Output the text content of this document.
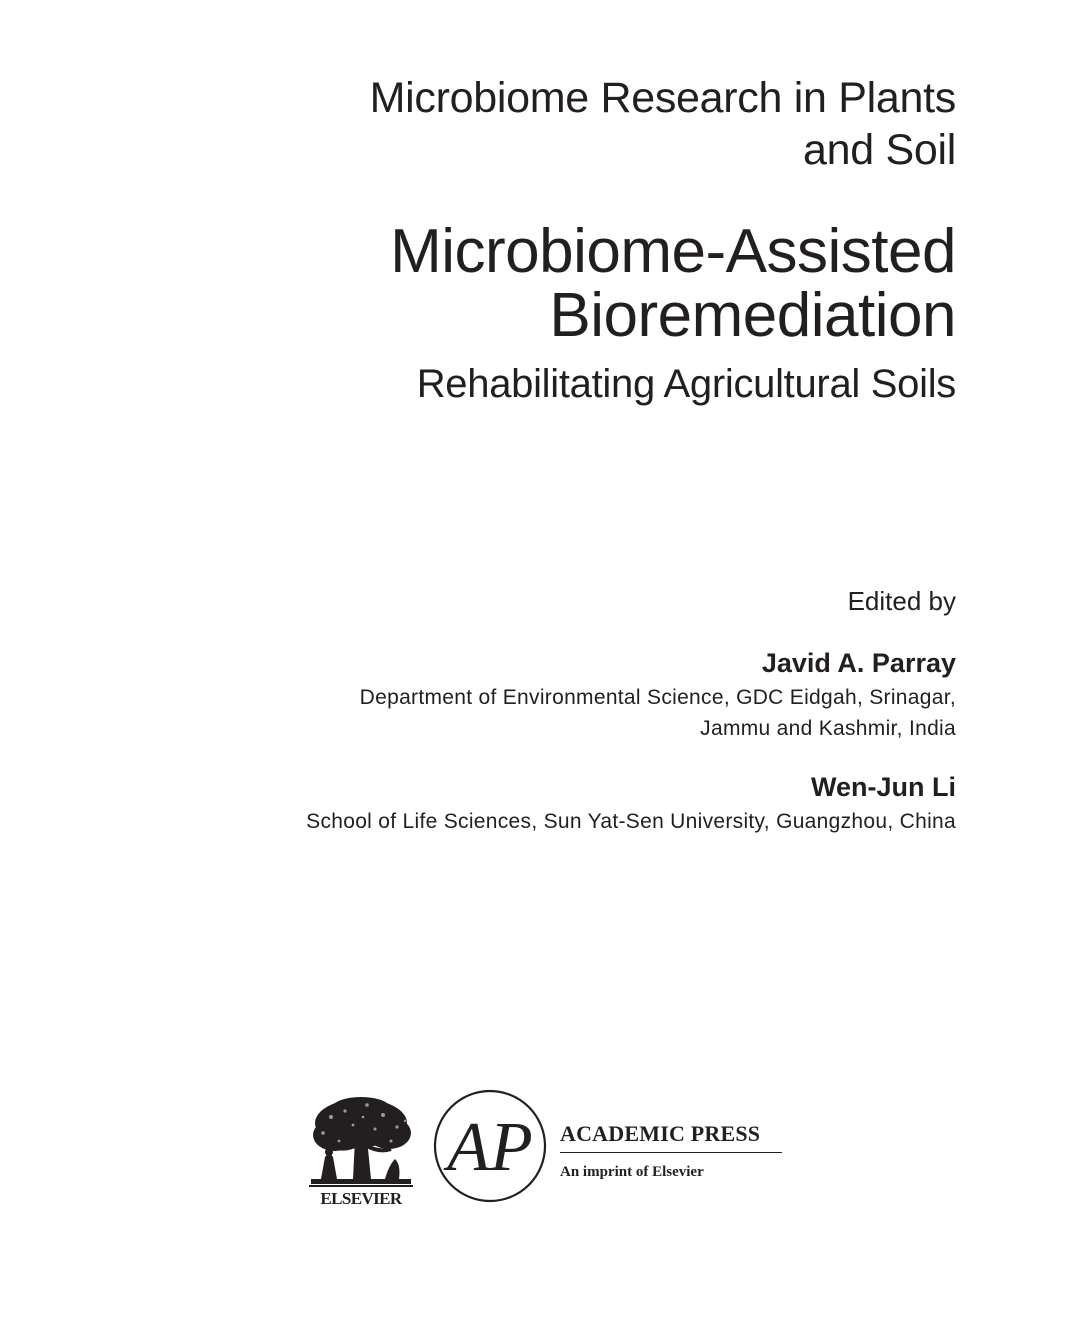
Microbiome Research in Plants
and Soil
Microbiome-Assisted
Bioremediation
Rehabilitating Agricultural Soils
Edited by
Javid A. Parray
Department of Environmental Science, GDC Eidgah, Srinagar,
Jammu and Kashmir, India
Wen-Jun Li
School of Life Sciences, Sun Yat-Sen University, Guangzhou, China
ELSEVIER
AP ACADEMIC PRESS
An imprint of Elsevier
